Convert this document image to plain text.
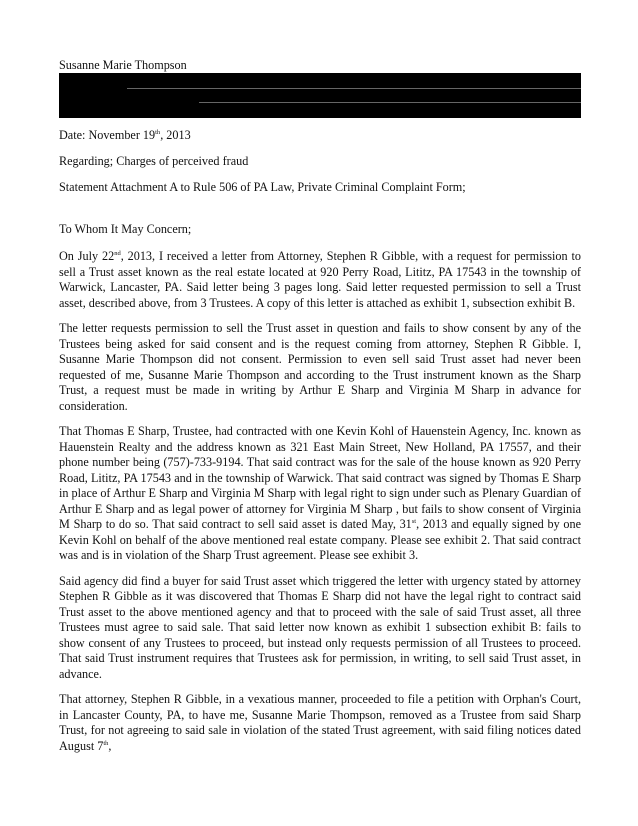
Susanne Marie Thompson
Date: November 19th, 2013
Regarding; Charges of perceived fraud
Statement Attachment A to Rule 506 of PA Law, Private Criminal Complaint Form;
To Whom It May Concern;

On July 22nd, 2013, I received a letter from Attorney, Stephen R Gibble, with a request for permission to sell a Trust asset known as the real estate located at 920 Perry Road, Lititz, PA 17543 in the township of Warwick, Lancaster, PA. Said letter being 3 pages long. Said letter requested permission to sell a Trust asset, described above, from 3 Trustees. A copy of this letter is attached as exhibit 1, subsection exhibit B.

The letter requests permission to sell the Trust asset in question and fails to show consent by any of the Trustees being asked for said consent and is the request coming from attorney, Stephen R Gibble. I, Susanne Marie Thompson did not consent. Permission to even sell said Trust asset had never been requested of me, Susanne Marie Thompson and according to the Trust instrument known as the Sharp Trust, a request must be made in writing by Arthur E Sharp and Virginia M Sharp in advance for consideration.

That Thomas E Sharp, Trustee, had contracted with one Kevin Kohl of Hauenstein Agency, Inc. known as Hauenstein Realty and the address known as 321 East Main Street, New Holland, PA 17557, and their phone number being (757)-733-9194. That said contract was for the sale of the house known as 920 Perry Road, Lititz, PA 17543 and in the township of Warwick. That said contract was signed by Thomas E Sharp in place of Arthur E Sharp and Virginia M Sharp with legal right to sign under such as Plenary Guardian of Arthur E Sharp and as legal power of attorney for Virginia M Sharp , but fails to show consent of Virginia M Sharp to do so. That said contract to sell said asset is dated May, 31st, 2013 and equally signed by one Kevin Kohl on behalf of the above mentioned real estate company. Please see exhibit 2. That said contract was and is in violation of the Sharp Trust agreement. Please see exhibit 3.

Said agency did find a buyer for said Trust asset which triggered the letter with urgency stated by attorney Stephen R Gibble as it was discovered that Thomas E Sharp did not have the legal right to contract said Trust asset to the above mentioned agency and that to proceed with the sale of said Trust asset, all three Trustees must agree to said sale. That said letter now known as exhibit 1 subsection exhibit B: fails to show consent of any Trustees to proceed, but instead only requests permission of all Trustees to proceed. That said Trust instrument requires that Trustees ask for permission, in writing, to sell said Trust asset, in advance.

That attorney, Stephen R Gibble, in a vexatious manner, proceeded to file a petition with Orphan's Court, in Lancaster County, PA, to have me, Susanne Marie Thompson, removed as a Trustee from said Sharp Trust, for not agreeing to said sale in violation of the stated Trust agreement, with said filing notices dated August 7th,
